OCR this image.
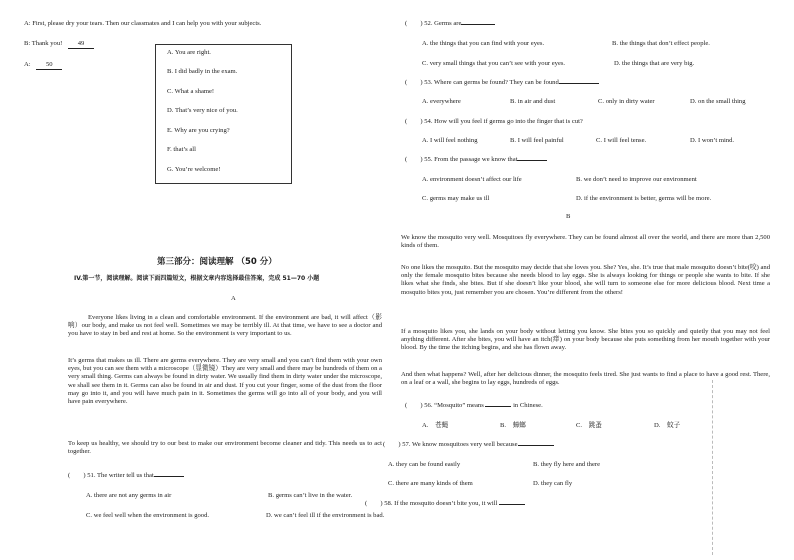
A: First, please dry your tears. Then our classmates and I can help you with your subjects.
B: Thank you! 49
A: 50
A. You are right.
B. I did badly in the exam.
C. What a shame!
D. That’s very nice of you.
E. Why are you crying?
F. that’s all
G. You’re welcome!
第三部分：阅读理解 （50 分）
IV.第一节，阅读理解。阅读下面四篇短文，根据文章内容选择最佳答案，完成 51—70 小题
A
Everyone likes living in a clean and comfortable environment. If the environment are bad, it will affect（影响）our body, and make us not feel well. Sometimes we may be terribly ill. At that time, we have to see a doctor and you have to stay in bed and rest at home. So the environment is very important to us.
It’s germs that makes us ill. There are germs everywhere. They are very small and you can’t find them with your own eyes, but you can see them with a microscope（显微镜）They are very small and there may be hundreds of them on a very small thing. Germs can always be found in dirty water. We usually find them in dirty water under the microscope, we shall see them in it. Germs can also be found in air and dust. If you cut your finger, some of the dust from the floor may go into it, and you will have much pain in it. Sometimes the germs will go into all of your body, and you will have pain everywhere.
To keep us healthy, we should try to our best to make our environment become cleaner and tidy. This needs us to act together.
(　　) 51. The writer tell us that
A. there are not any germs in air	B. germs can’t live in the water.
C. we feel well when the environment is good.	D. we can’t feel ill if the environment is bad.
(　　) 52. Germs are
A. the things that you can find with your eyes.	B. the things that don’t effect people.
C. very small things that you can’t see with your eyes.	D. the things that are very big.
(　　) 53. Where can germs be found? They can be found
A. everywhere	B. in air and dust	C. only in dirty water	D. on the small thing
(　　) 54. How will you feel if germs go into the finger that is cut?
A. I will feel nothing	B. I will feel painful	C. I will feel tense.	D. I won’t mind.
(　　) 55. From the passage we know that
A. environment doesn’t affect our life	B. we don’t need to improve our environment
C. germs may make us ill	D. if the environment is better, germs will be more.
B
We know the mosquito very well. Mosquitoes fly everywhere. They can be found almost all over the world, and there are more than 2,500 kinds of them.
No one likes the mosquito. But the mosquito may decide that she loves you. She? Yes, she. It’s true that male mosquito doesn’t bite(咬) and only the female mosquito bites because she needs blood to lay eggs. She is always looking for things or people she wants to bite. If she likes what she finds, she bites. But if she doesn’t like your blood, she will turn to someone else for more delicious blood. Next time a mosquito bites you, just remember you are chosen. You’re different from the others!
If a mosquito likes you, she lands on your body without letting you know. She bites you so quickly and quietly that you may not feel anything different. After she bites, you will have an itch(痒) on your body because she puts something from her mouth together with your blood. By the time the itching begins, and she has flown away.
And then what happens? Well, after her delicious dinner, the mosquito feels tired. She just wants to find a place to have a good rest. There, on a leaf or a wall, she begins to lay eggs, hundreds of eggs.
(　　) 56. “Mosquito” means	in Chinese.
A. 苍蝇	B. 蟑螂	C. 跳蚤	D. 蚊子
(　　) 57. We know mosquitoes very well because
A. they can be found easily	B. they fly here and there
C. there are many kinds of them	D. they can fly
(　　) 58. If the mosquito doesn’t bite you, it will
